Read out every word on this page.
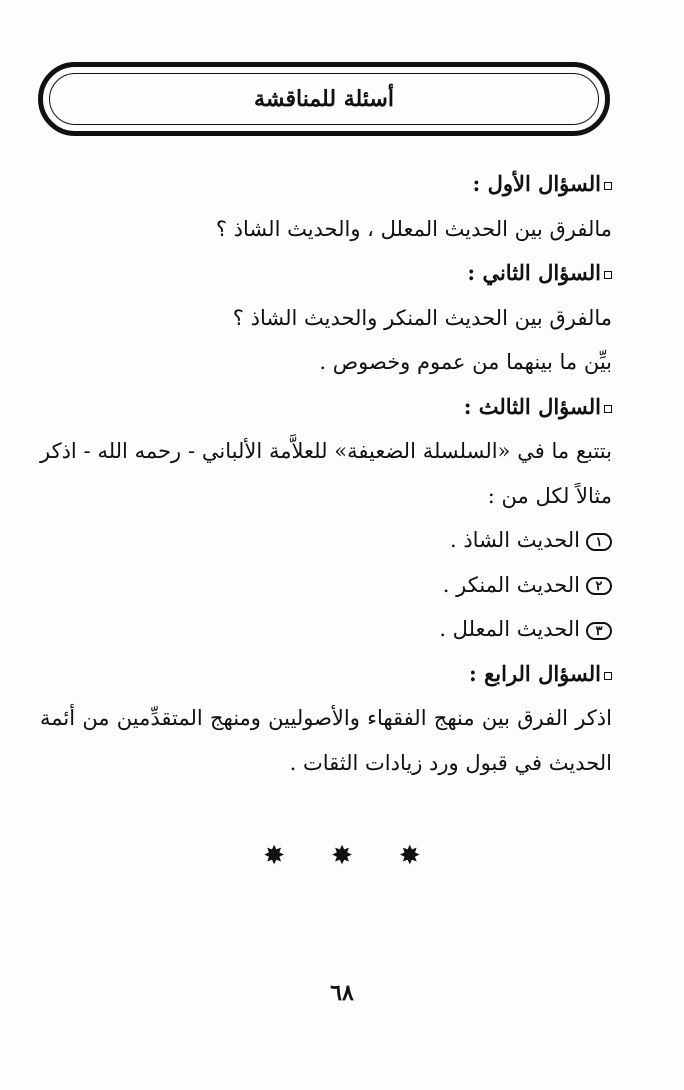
أسئلة للمناقشة
السؤال الأول :
مالفرق بين الحديث المعلل ، والحديث الشاذ ؟
السؤال الثاني :
مالفرق بين الحديث المنكر والحديث الشاذ ؟
بيِّن ما بينهما من عموم وخصوص .
السؤال الثالث :
بتتبع ما في «السلسلة الضعيفة» للعلاَّمة الألباني - رحمه الله - اذكر
مثالاً لكل من :
١الحديث الشاذ .
٢الحديث المنكر .
٣الحديث المعلل .
السؤال الرابع :
اذكر الفرق بين منهج الفقهاء والأصوليين ومنهج المتقدِّمين من أئمة
الحديث في قبول ورد زيادات الثقات .
✸ ✸ ✸
٦٨
